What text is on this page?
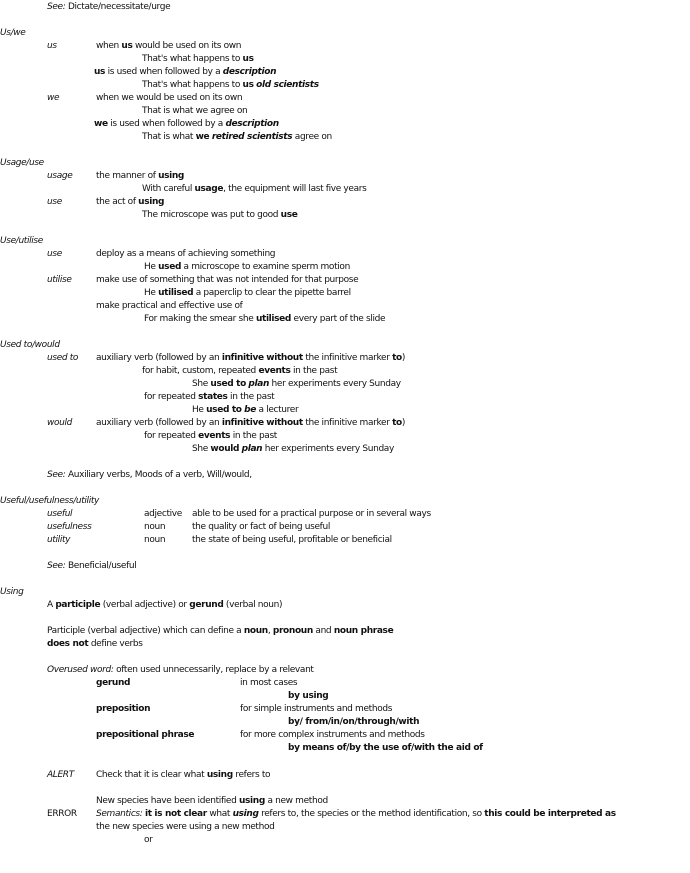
See: Dictate/necessitate/urge
Us/we
us	when us would be used on its own
That's what happens to us
us is used when followed by a description
That's what happens to us old scientists
we	when we would be used on its own
That is what we agree on
we is used when followed by a description
That is what we retired scientists agree on
Usage/use
usage	the manner of using
With careful usage, the equipment will last five years
use	the act of using
The microscope was put to good use
Use/utilise
use	deploy as a means of achieving something
He used a microscope to examine sperm motion
utilise	make use of something that was not intended for that purpose
He utilised a paperclip to clear the pipette barrel
make practical and effective use of
For making the smear she utilised every part of the slide
Used to/would
used to auxiliary verb (followed by an infinitive without the infinitive marker to)
for habit, custom, repeated events in the past
She used to plan her experiments every Sunday
for repeated states in the past
He used to be a lecturer
would	auxiliary verb (followed by an infinitive without the infinitive marker to)
for repeated events in the past
She would plan her experiments every Sunday
See: Auxiliary verbs, Moods of a verb, Will/would,
Useful/usefulness/utility
useful	adjective able to be used for a practical purpose or in several ways
usefulness	noun	the quality or fact of being useful
utility	noun	the state of being useful, profitable or beneficial
See: Beneficial/useful
Using
A participle (verbal adjective) or gerund (verbal noun)
Participle (verbal adjective) which can define a noun, pronoun and noun phrase
does not define verbs
Overused word: often used unnecessarily, replace by a relevant
gerund	in most cases
by using
preposition	for simple instruments and methods
by/ from/in/on/through/with
prepositional phrase	for more complex instruments and methods
by means of/by the use of/with the aid of
ALERT Check that it is clear what using refers to
New species have been identified using a new method
ERROR Semantics: it is not clear what using refers to, the species or the method identification, so this could be interpreted as
the new species were using a new method
or
